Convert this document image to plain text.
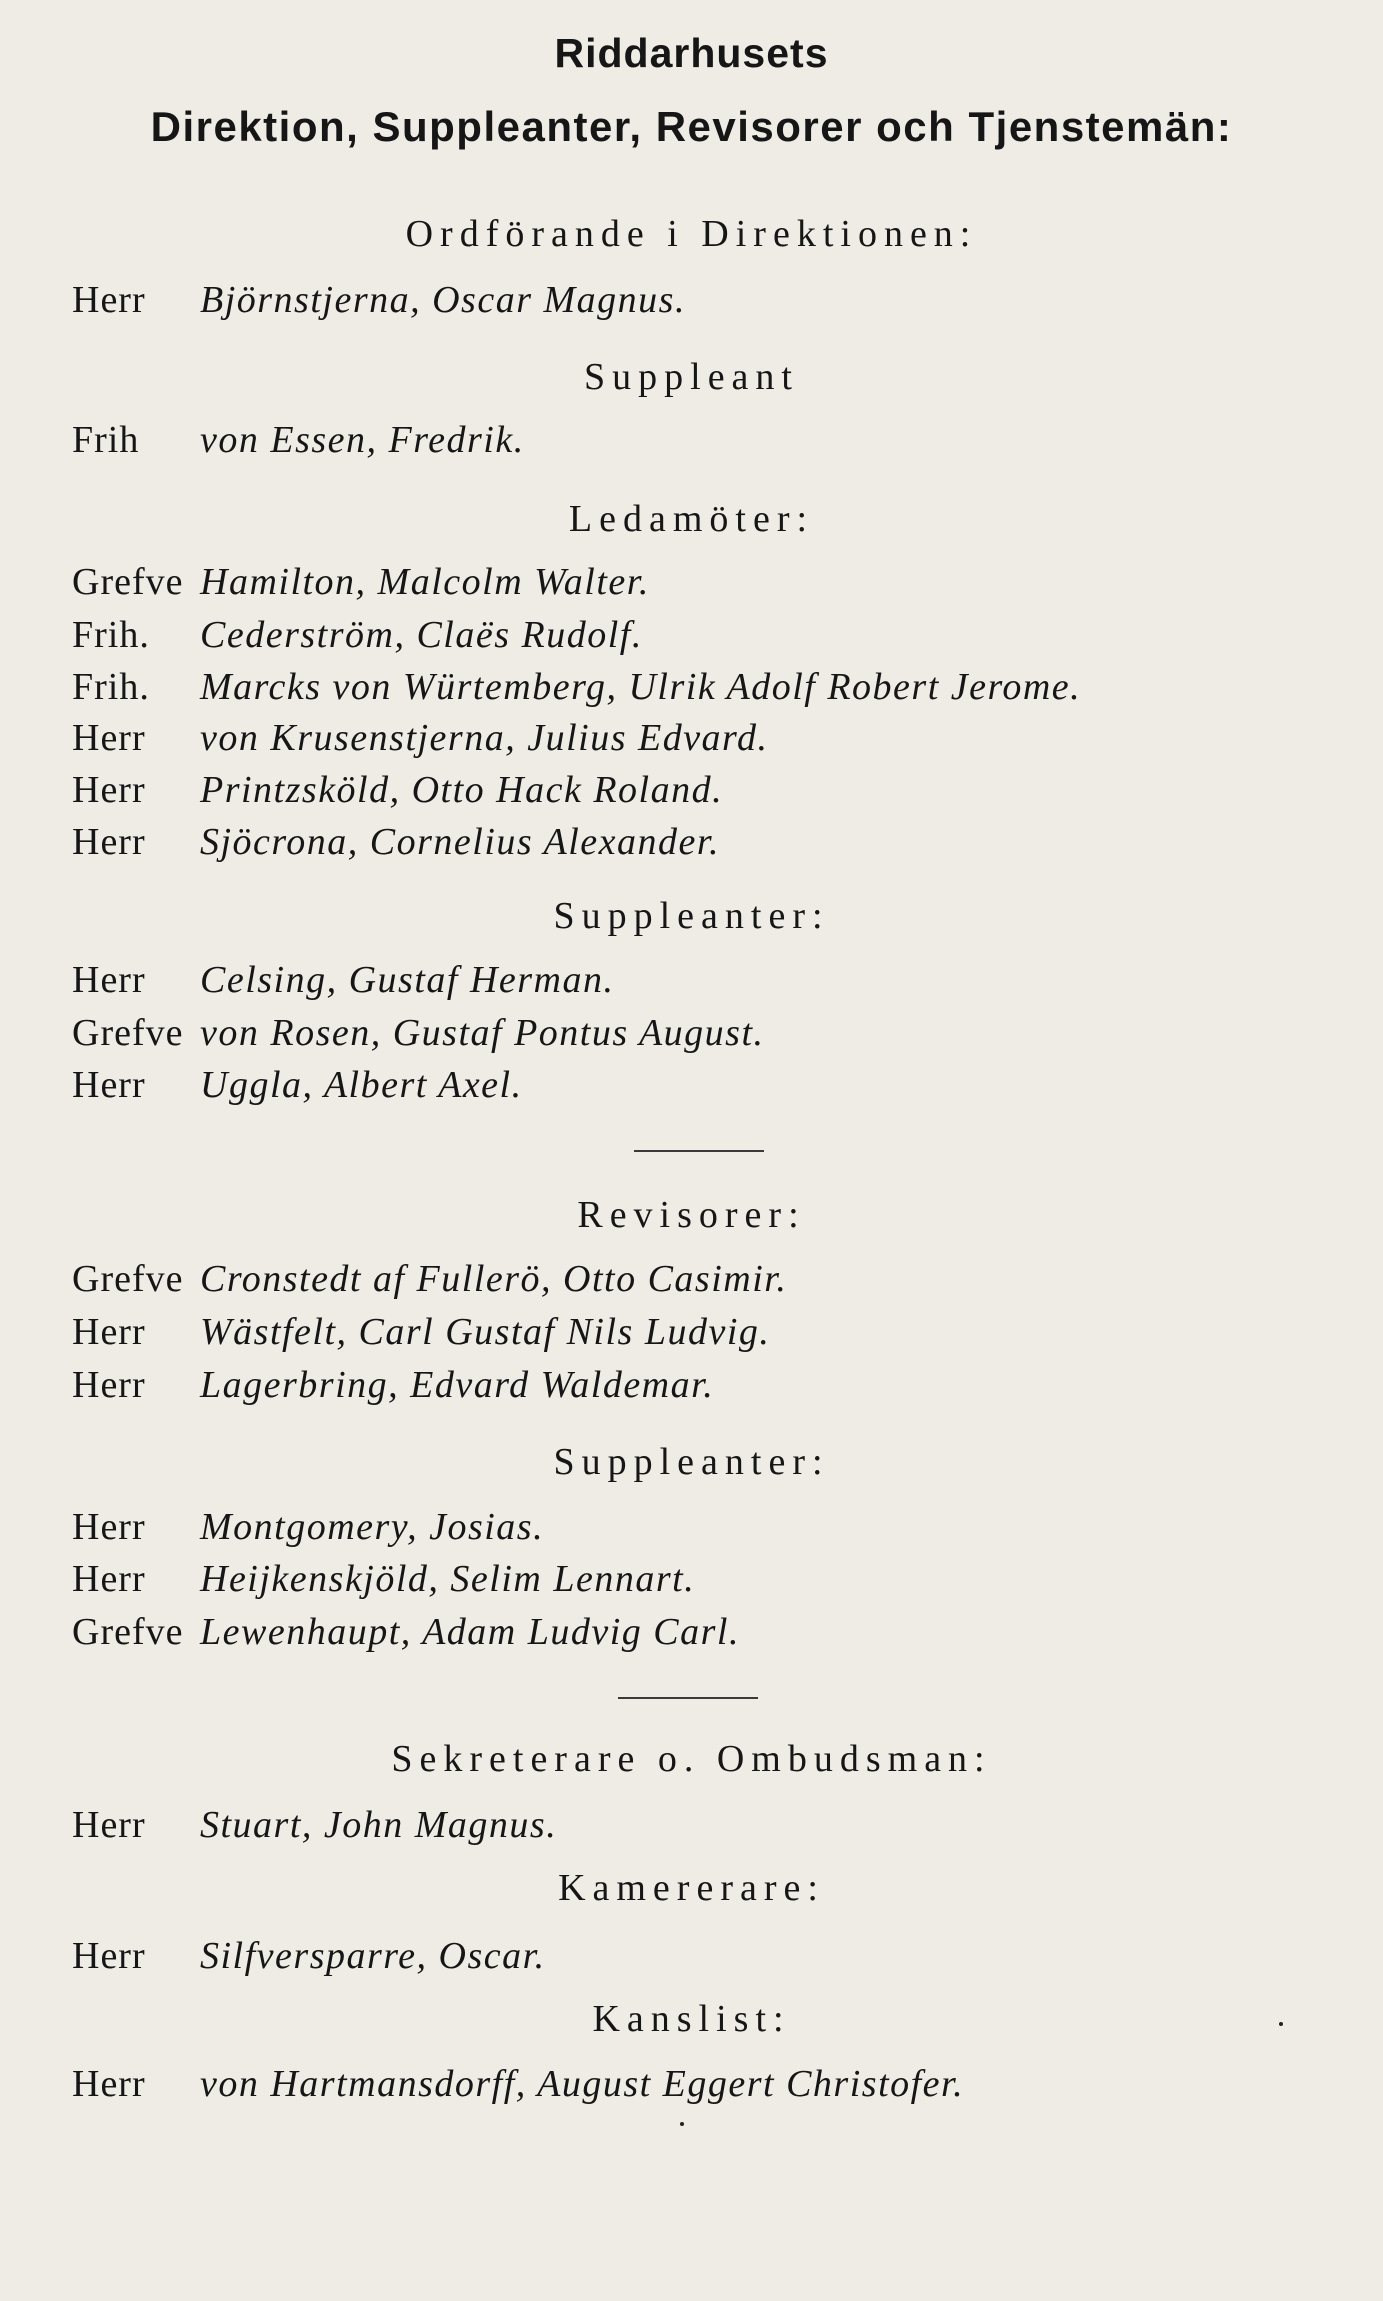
Riddarhusets
Direktion, Suppleanter, Revisorer och Tjenstemän:
Ordförande i Direktionen:
Herr Björnstjerna, Oscar Magnus.
Suppleant
Frih von Essen, Fredrik.
Ledamöter:
Grefve Hamilton, Malcolm Walter.
Frih. Cederström, Claës Rudolf.
Frih. Marcks von Würtemberg, Ulrik Adolf Robert Jerome.
Herr von Krusenstjerna, Julius Edvard.
Herr Printzsköld, Otto Hack Roland.
Herr Sjöcrona, Cornelius Alexander.
Suppleanter:
Herr Celsing, Gustaf Herman.
Grefve von Rosen, Gustaf Pontus August.
Herr Uggla, Albert Axel.
Revisorer:
Grefve Cronstedt af Fullerö, Otto Casimir.
Herr Wästfelt, Carl Gustaf Nils Ludvig.
Herr Lagerbring, Edvard Waldemar.
Suppleanter:
Herr Montgomery, Josias.
Herr Heijkenskjöld, Selim Lennart.
Grefve Lewenhaupt, Adam Ludvig Carl.
Sekreterare o. Ombudsman:
Herr Stuart, John Magnus.
Kamererare:
Herr Silfversparre, Oscar.
Kanslist:
Herr von Hartmansdorff, August Eggert Christofer.
